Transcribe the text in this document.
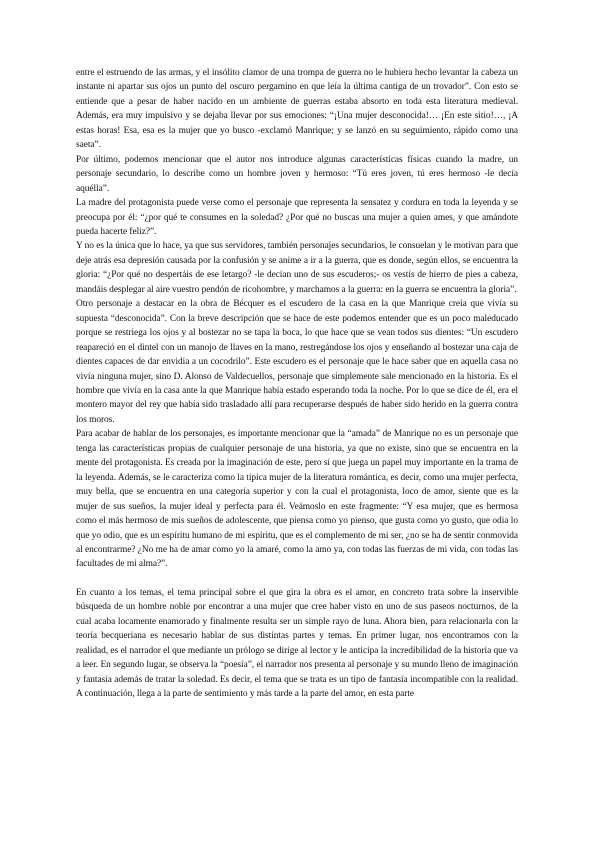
entre el estruendo de las armas, y el insólito clamor de una trompa de guerra no le hubiera hecho levantar la cabeza un instante ni apartar sus ojos un punto del oscuro pergamino en que leía la última cantiga de un trovador”. Con esto se entiende que a pesar de haber nacido en un ambiente de guerras estaba absorto en toda esta literatura medieval. Además, era muy impulsivo y se dejaba llevar por sus emociones: “¡Una mujer desconocida!… ¡En este sitio!…, ¡A estas horas! Esa, esa es la mujer que yo busco -exclamó Manrique; y se lanzó en su seguimiento, rápido como una saeta”.

Por último, podemos mencionar que el autor nos introduce algunas características físicas cuando la madre, un personaje secundario, lo describe como un hombre joven y hermoso: “Tú eres joven, tú eres hermoso -le decía aquélla”.

La madre del protagonista puede verse como el personaje que representa la sensatez y cordura en toda la leyenda y se preocupa por él: “¿por qué te consumes en la soledad? ¿Por qué no buscas una mujer a quien ames, y que amándote pueda hacerte feliz?”.

Y no es la única que lo hace, ya que sus servidores, también personajes secundarios, le consuelan y le motivan para que deje atrás esa depresión causada por la confusión y se anime a ir a la guerra, que es donde, según ellos, se encuentra la gloria: “¿Por qué no despertáis de ese letargo? -le decían uno de sus escuderos;- os vestís de hierro de pies a cabeza, mandáis desplegar al aire vuestro pendón de ricohombre, y marchamos a la guerra: en la guerra se encuentra la gloria”.

Otro personaje a destacar en la obra de Bécquer es el escudero de la casa en la que Manrique creía que vivía su supuesta “desconocida”. Con la breve descripción que se hace de este podemos entender que es un poco maleducado porque se restriega los ojos y al bostezar no se tapa la boca, lo que hace que se vean todos sus dientes: “Un escudero reapareció en el dintel con un manojo de llaves en la mano, restregándose los ojos y enseñando al bostezar una caja de dientes capaces de dar envidia a un cocodrilo”. Este escudero es el personaje que le hace saber que en aquella casa no vivía ninguna mujer, sino D. Alonso de Valdecuellos, personaje que simplemente sale mencionado en la historia. Es el hombre que vivía en la casa ante la que Manrique había estado esperando toda la noche. Por lo que se dice de él, era el montero mayor del rey que había sido trasladado allí para recuperarse después de haber sido herido en la guerra contra los moros.

Para acabar de hablar de los personajes, es importante mencionar que la “amada” de Manrique no es un personaje que tenga las características propias de cualquier personaje de una historia, ya que no existe, sino que se encuentra en la mente del protagonista. Es creada por la imaginación de este, pero sí que juega un papel muy importante en la trama de la leyenda. Además, se le caracteriza como la típica mujer de la literatura romántica, es decir, como una mujer perfecta, muy bella, que se encuentra en una categoría superior y con la cual el protagonista, loco de amor, siente que es la mujer de sus sueños, la mujer ideal y perfecta para él. Veámoslo en este fragmente: “Y esa mujer, que es hermosa como el más hermoso de mis sueños de adolescente, que piensa como yo pienso, que gusta como yo gusto, que odia lo que yo odio, que es un espíritu humano de mi espíritu, que es el complemento de mi ser, ¿no se ha de sentir conmovida al encontrarme? ¿No me ha de amar como yo la amaré, como la amo ya, con todas las fuerzas de mi vida, con todas las facultades de mi alma?”.

En cuanto a los temas, el tema principal sobre el que gira la obra es el amor, en concreto trata sobre la inservible búsqueda de un hombre noble por encontrar a una mujer que cree haber visto en uno de sus paseos nocturnos, de la cual acaba locamente enamorado y finalmente resulta ser un simple rayo de luna. Ahora bien, para relacionarla con la teoría becqueriana es necesario hablar de sus distintas partes y temas. En primer lugar, nos encontramos con la realidad, es el narrador el que mediante un prólogo se dirige al lector y le anticipa la incredibilidad de la historia que va a leer. En segundo lugar, se observa la “poesía”, el narrador nos presenta al personaje y su mundo lleno de imaginación y fantasía además de tratar la soledad. Es decir, el tema que se trata es un tipo de fantasía incompatible con la realidad. A continuación, llega a la parte de sentimiento y más tarde a la parte del amor, en esta parte
